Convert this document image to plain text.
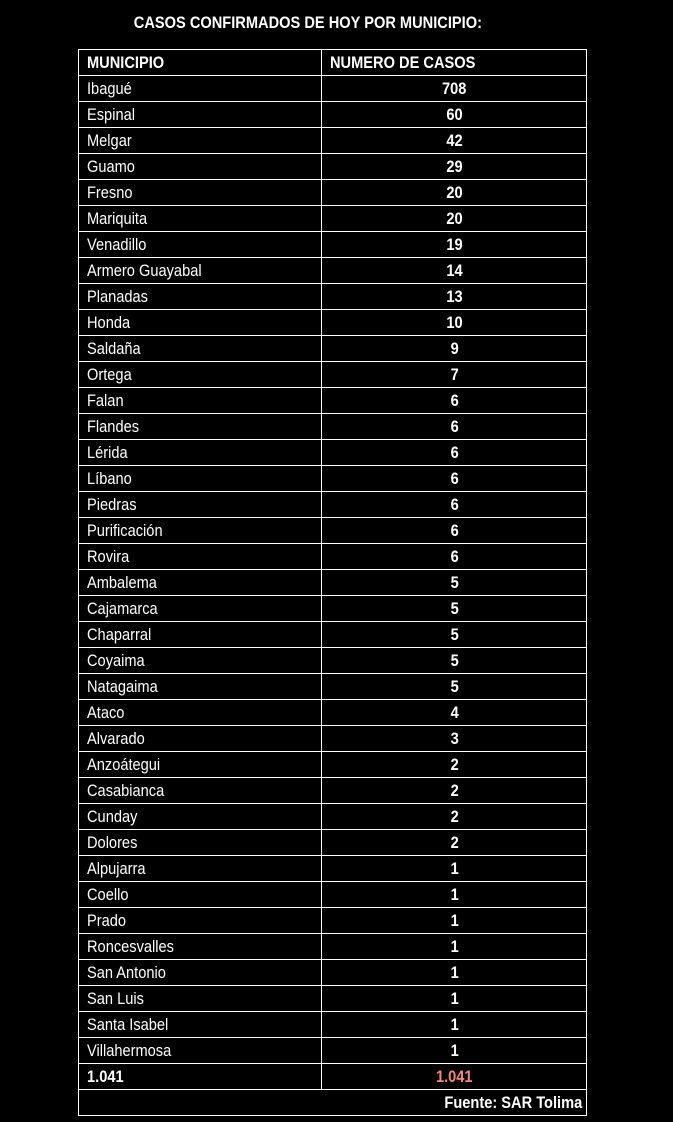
CASOS CONFIRMADOS DE HOY POR MUNICIPIO:
MUNICIPIO	NUMERO DE CASOS
Ibagué	708
Espinal	60
Melgar	42
Guamo	29
Fresno	20
Mariquita	20
Venadillo	19
Armero Guayabal	14
Planadas	13
Honda	10
Saldaña	9
Ortega	7
Falan	6
Flandes	6
Lérida	6
Líbano	6
Piedras	6
Purificación	6
Rovira	6
Ambalema	5
Cajamarca	5
Chaparral	5
Coyaima	5
Natagaima	5
Ataco	4
Alvarado	3
Anzoátegui	2
Casabianca	2
Cunday	2
Dolores	2
Alpujarra	1
Coello	1
Prado	1
Roncesvalles	1
San Antonio	1
San Luis	1
Santa Isabel	1
Villahermosa	1
1.041	1.041
Fuente: SAR Tolima	
